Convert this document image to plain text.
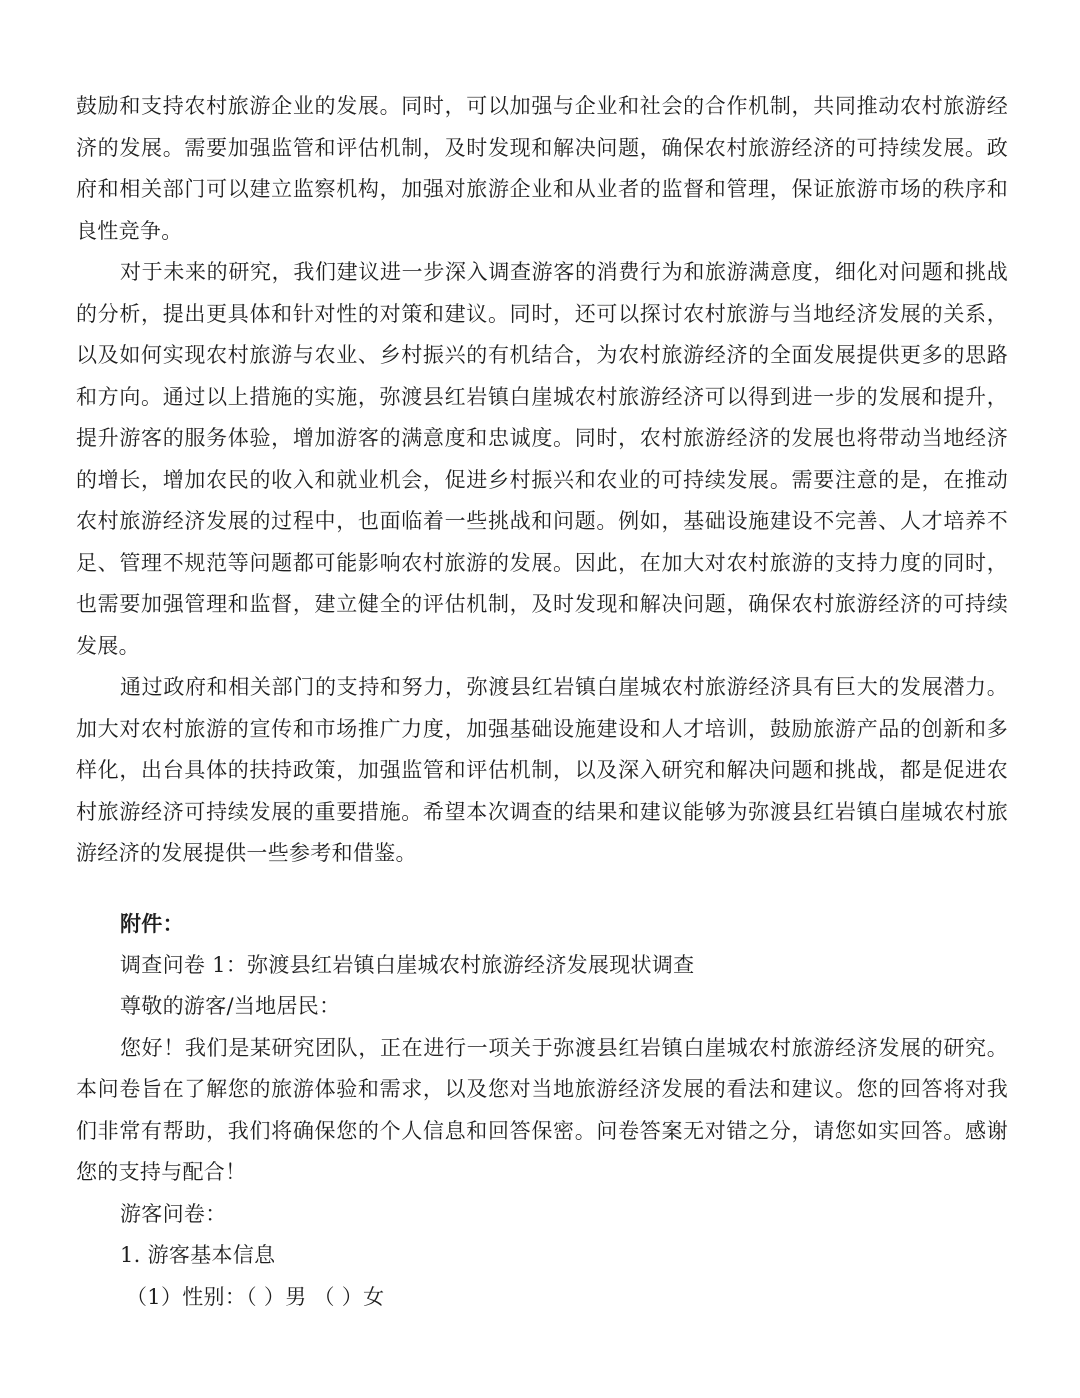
鼓励和支持农村旅游企业的发展。同时，可以加强与企业和社会的合作机制，共同推动农村旅游经济的发展。需要加强监管和评估机制，及时发现和解决问题，确保农村旅游经济的可持续发展。政府和相关部门可以建立监察机构，加强对旅游企业和从业者的监督和管理，保证旅游市场的秩序和良性竞争。

对于未来的研究，我们建议进一步深入调查游客的消费行为和旅游满意度，细化对问题和挑战的分析，提出更具体和针对性的对策和建议。同时，还可以探讨农村旅游与当地经济发展的关系，以及如何实现农村旅游与农业、乡村振兴的有机结合，为农村旅游经济的全面发展提供更多的思路和方向。通过以上措施的实施，弥渡县红岩镇白崖城农村旅游经济可以得到进一步的发展和提升，提升游客的服务体验，增加游客的满意度和忠诚度。同时，农村旅游经济的发展也将带动当地经济的增长，增加农民的收入和就业机会，促进乡村振兴和农业的可持续发展。需要注意的是，在推动农村旅游经济发展的过程中，也面临着一些挑战和问题。例如，基础设施建设不完善、人才培养不足、管理不规范等问题都可能影响农村旅游的发展。因此，在加大对农村旅游的支持力度的同时，也需要加强管理和监督，建立健全的评估机制，及时发现和解决问题，确保农村旅游经济的可持续发展。

通过政府和相关部门的支持和努力，弥渡县红岩镇白崖城农村旅游经济具有巨大的发展潜力。加大对农村旅游的宣传和市场推广力度，加强基础设施建设和人才培训，鼓励旅游产品的创新和多样化，出台具体的扶持政策，加强监管和评估机制，以及深入研究和解决问题和挑战，都是促进农村旅游经济可持续发展的重要措施。希望本次调查的结果和建议能够为弥渡县红岩镇白崖城农村旅游经济的发展提供一些参考和借鉴。

附件：

调查问卷 1：弥渡县红岩镇白崖城农村旅游经济发展现状调查

尊敬的游客/当地居民：

您好！我们是某研究团队，正在进行一项关于弥渡县红岩镇白崖城农村旅游经济发展的研究。本问卷旨在了解您的旅游体验和需求，以及您对当地旅游经济发展的看法和建议。您的回答将对我们非常有帮助，我们将确保您的个人信息和回答保密。问卷答案无对错之分，请您如实回答。感谢您的支持与配合！

游客问卷：

1. 游客基本信息

（1）性别：（ ）男 （ ）女
